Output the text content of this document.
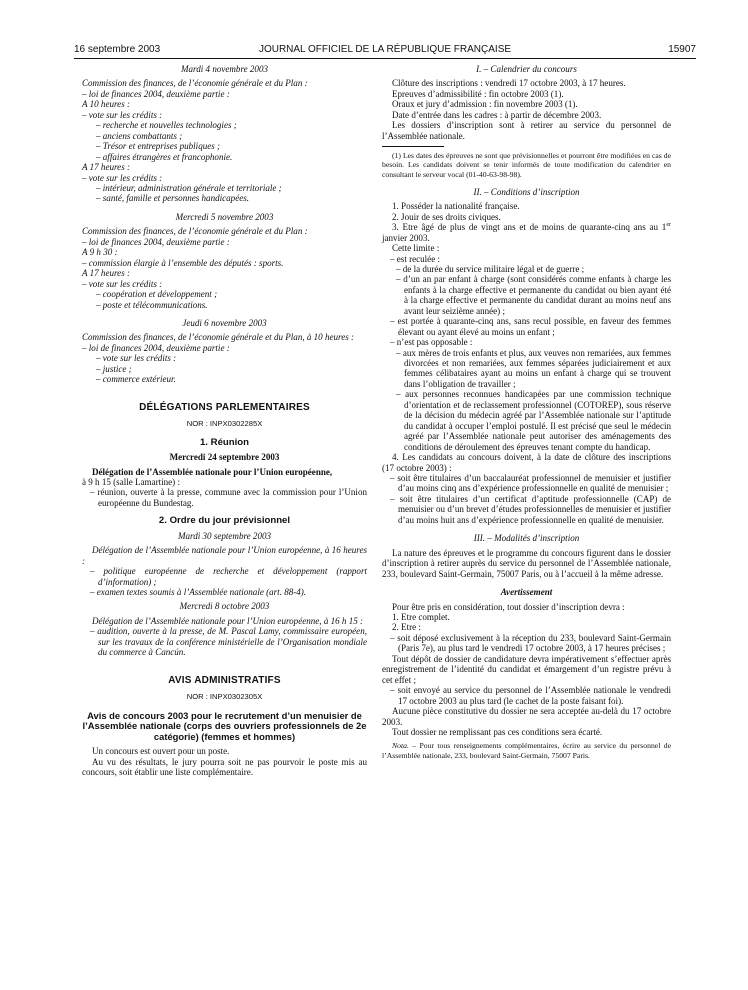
16 septembre 2003	JOURNAL OFFICIEL DE LA RÉPUBLIQUE FRANÇAISE	15907
Mardi 4 novembre 2003
Commission des finances, de l’économie générale et du Plan :
– loi de finances 2004, deuxième partie :
A 10 heures :
– vote sur les crédits :
– recherche et nouvelles technologies ;
– anciens combattants ;
– Trésor et entreprises publiques ;
– affaires étrangères et francophonie.
A 17 heures :
– vote sur les crédits :
– intérieur, administration générale et territoriale ;
– santé, famille et personnes handicapées.
Mercredi 5 novembre 2003
Commission des finances, de l’économie générale et du Plan :
– loi de finances 2004, deuxième partie :
A 9 h 30 :
– commission élargie à l’ensemble des députés : sports.
A 17 heures :
– vote sur les crédits :
– coopération et développement ;
– poste et télécommunications.
Jeudi 6 novembre 2003
Commission des finances, de l’économie générale et du Plan, à 10 heures :
– loi de finances 2004, deuxième partie :
– vote sur les crédits :
– justice ;
– commerce extérieur.
DÉLÉGATIONS PARLEMENTAIRES
NOR : INPX0302285X
1. Réunion
Mercredi 24 septembre 2003
Délégation de l’Assemblée nationale pour l’Union européenne,
à 9 h 15 (salle Lamartine) :
– réunion, ouverte à la presse, commune avec la commission pour l’Union européenne du Bundestag.
2. Ordre du jour prévisionnel
Mardi 30 septembre 2003
Délégation de l’Assemblée nationale pour l’Union européenne, à 16 heures :
– politique européenne de recherche et développement (rapport d’information) ;
– examen textes soumis à l’Assemblée nationale (art. 88-4).
Mercredi 8 octobre 2003
Délégation de l’Assemblée nationale pour l’Union européenne, à 16 h 15 :
– audition, ouverte à la presse, de M. Pascal Lamy, commissaire européen, sur les travaux de la conférence ministérielle de l’Organisation mondiale du commerce à Cancún.
AVIS ADMINISTRATIFS
NOR : INPX0302305X
Avis de concours 2003 pour le recrutement d’un menuisier de l’Assemblée nationale (corps des ouvriers professionnels de 2e catégorie) (femmes et hommes)
Un concours est ouvert pour un poste.
Au vu des résultats, le jury pourra soit ne pas pourvoir le poste mis au concours, soit établir une liste complémentaire.
I. – Calendrier du concours
Clôture des inscriptions : vendredi 17 octobre 2003, à 17 heures.
Epreuves d’admissibilité : fin octobre 2003 (1).
Oraux et jury d’admission : fin novembre 2003 (1).
Date d’entrée dans les cadres : à partir de décembre 2003.
Les dossiers d’inscription sont à retirer au service du personnel de l’Assemblée nationale.
(1) Les dates des épreuves ne sont que prévisionnelles et pourront être modifiées en cas de besoin. Les candidats doivent se tenir informés de toute modification du calendrier en consultant le serveur vocal (01-40-63-98-98).
II. – Conditions d’inscription
1. Posséder la nationalité française.
2. Jouir de ses droits civiques.
3. Etre âgé de plus de vingt ans et de moins de quarante-cinq ans au 1er janvier 2003.
Cette limite :
– est reculée :
– de la durée du service militaire légal et de guerre ;
– d’un an par enfant à charge (sont considérés comme enfants à charge les enfants à la charge effective et permanente du candidat ou bien ayant été à la charge effective et permanente du candidat durant au moins neuf ans avant leur seizième année) ;
– est portée à quarante-cinq ans, sans recul possible, en faveur des femmes élevant ou ayant élevé au moins un enfant ;
– n’est pas opposable :
– aux mères de trois enfants et plus, aux veuves non remariées, aux femmes divorcées et non remariées, aux femmes séparées judiciairement et aux femmes célibataires ayant au moins un enfant à charge qui se trouvent dans l’obligation de travailler ;
– aux personnes reconnues handicapées par une commission technique d’orientation et de reclassement professionnel (COTOREP), sous réserve de la décision du médecin agréé par l’Assemblée nationale sur l’aptitude du candidat à occuper l’emploi postulé. Il est précisé que seul le médecin agréé par l’Assemblée nationale peut autoriser des aménagements des conditions de déroulement des épreuves tenant compte du handicap.
4. Les candidats au concours doivent, à la date de clôture des inscriptions (17 octobre 2003) :
– soit être titulaires d’un baccalauréat professionnel de menuisier et justifier d’au moins cinq ans d’expérience professionnelle en qualité de menuisier ;
– soit être titulaires d’un certificat d’aptitude professionnelle (CAP) de menuisier ou d’un brevet d’études professionnelles de menuisier et justifier d’au moins huit ans d’expérience professionnelle en qualité de menuisier.
III. – Modalités d’inscription
La nature des épreuves et le programme du concours figurent dans le dossier d’inscription à retirer auprès du service du personnel de l’Assemblée nationale, 233, boulevard Saint-Germain, 75007 Paris, ou à l’accueil à la même adresse.
Avertissement
Pour être pris en considération, tout dossier d’inscription devra :
1. Etre complet.
2. Etre :
– soit déposé exclusivement à la réception du 233, boulevard Saint-Germain (Paris 7e), au plus tard le vendredi 17 octobre 2003, à 17 heures précises ;
Tout dépôt de dossier de candidature devra impérativement s’effectuer après enregistrement de l’identité du candidat et émargement d’un registre prévu à cet effet ;
– soit envoyé au service du personnel de l’Assemblée nationale le vendredi 17 octobre 2003 au plus tard (le cachet de la poste faisant foi).
Aucune pièce constitutive du dossier ne sera acceptée au-delà du 17 octobre 2003.
Tout dossier ne remplissant pas ces conditions sera écarté.
Nota. – Pour tous renseignements complémentaires, écrire au service du personnel de l’Assemblée nationale, 233, boulevard Saint-Germain, 75007 Paris.
